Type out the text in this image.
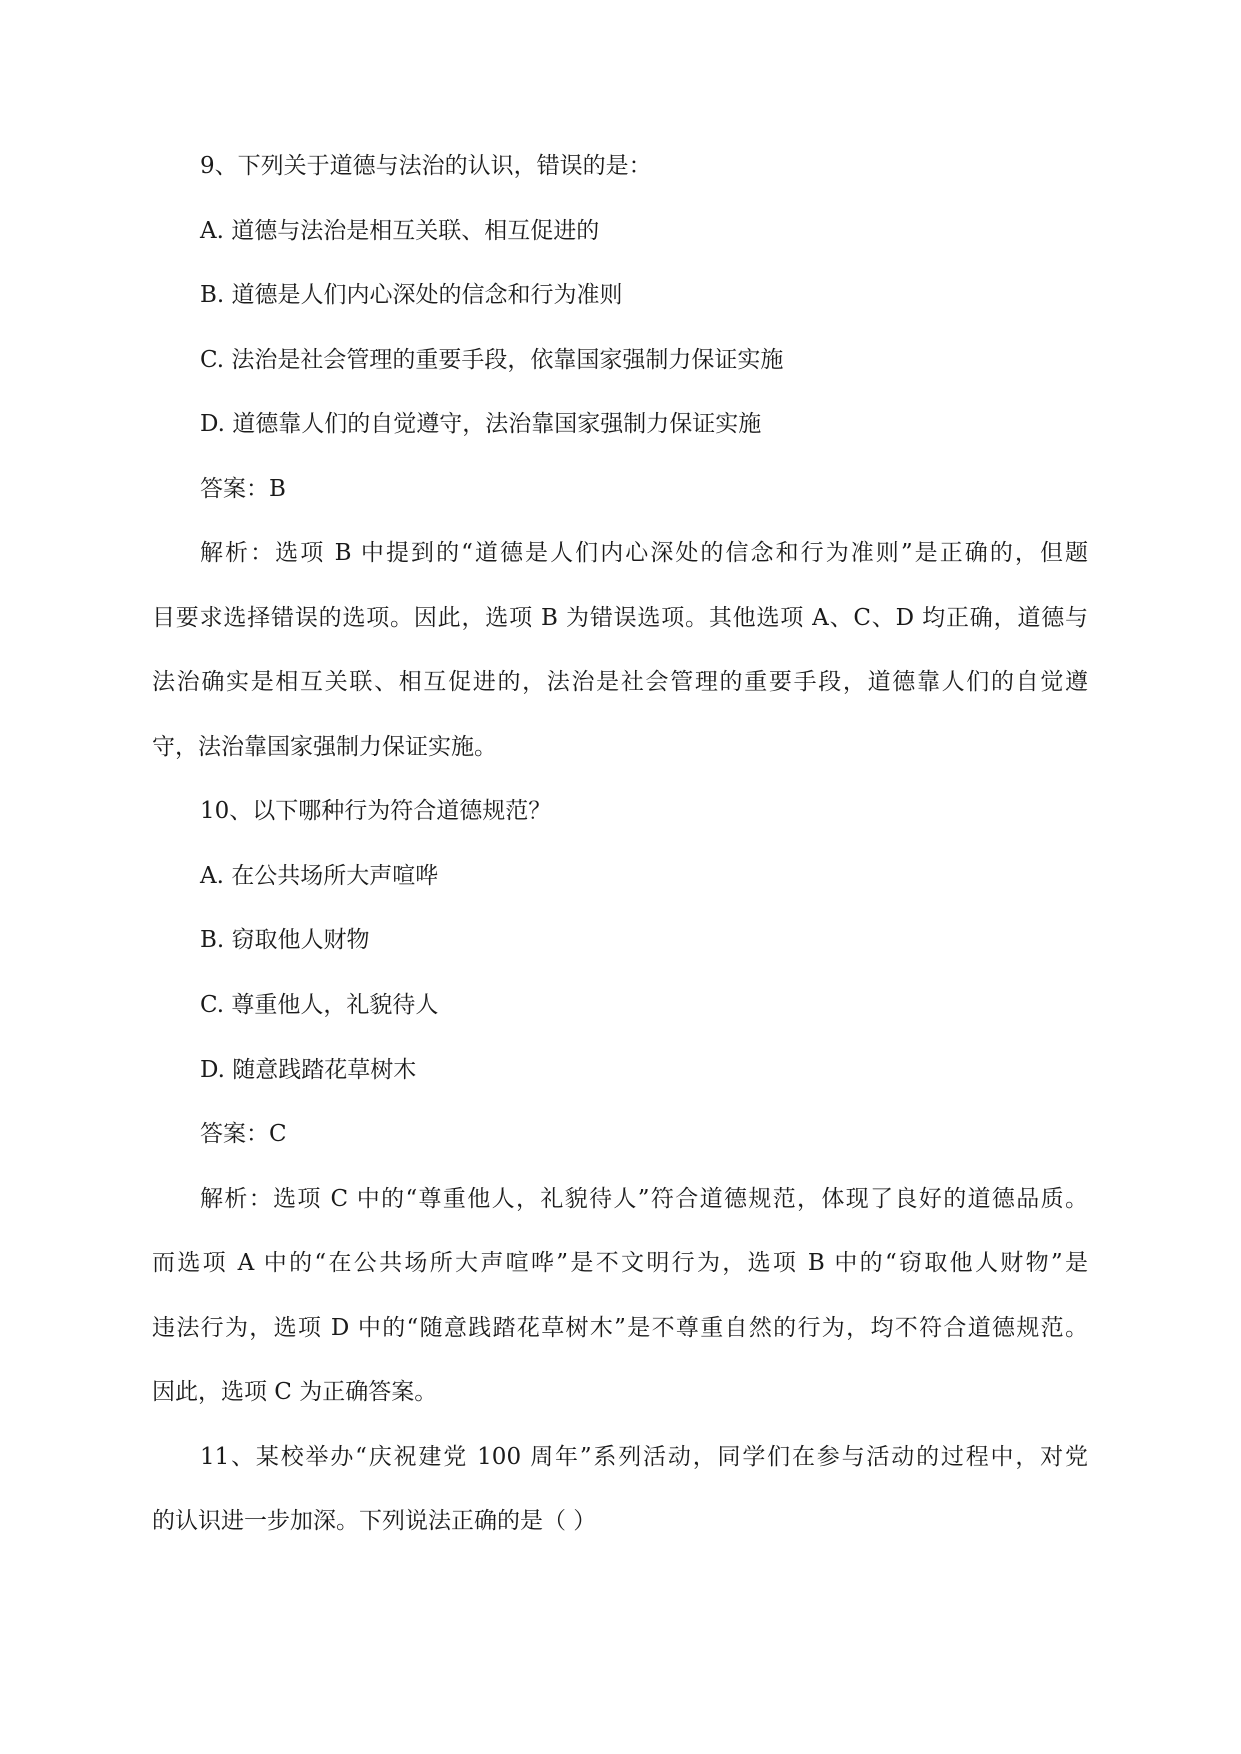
9、下列关于道德与法治的认识，错误的是：
A. 道德与法治是相互关联、相互促进的
B. 道德是人们内心深处的信念和行为准则
C. 法治是社会管理的重要手段，依靠国家强制力保证实施
D. 道德靠人们的自觉遵守，法治靠国家强制力保证实施
答案：B
解析：选项 B 中提到的“道德是人们内心深处的信念和行为准则”是正确的，但题
目要求选择错误的选项。因此，选项 B 为错误选项。其他选项 A、C、D 均正确，道德与
法治确实是相互关联、相互促进的，法治是社会管理的重要手段，道德靠人们的自觉遵
守，法治靠国家强制力保证实施。
10、以下哪种行为符合道德规范？
A. 在公共场所大声喧哗
B. 窃取他人财物
C. 尊重他人，礼貌待人
D. 随意践踏花草树木
答案：C
解析：选项 C 中的“尊重他人，礼貌待人”符合道德规范，体现了良好的道德品质。
而选项 A 中的“在公共场所大声喧哗”是不文明行为，选项 B 中的“窃取他人财物”是
违法行为，选项 D 中的“随意践踏花草树木”是不尊重自然的行为，均不符合道德规范。
因此，选项 C 为正确答案。
11、某校举办“庆祝建党 100 周年”系列活动，同学们在参与活动的过程中，对党
的认识进一步加深。下列说法正确的是（ ）
